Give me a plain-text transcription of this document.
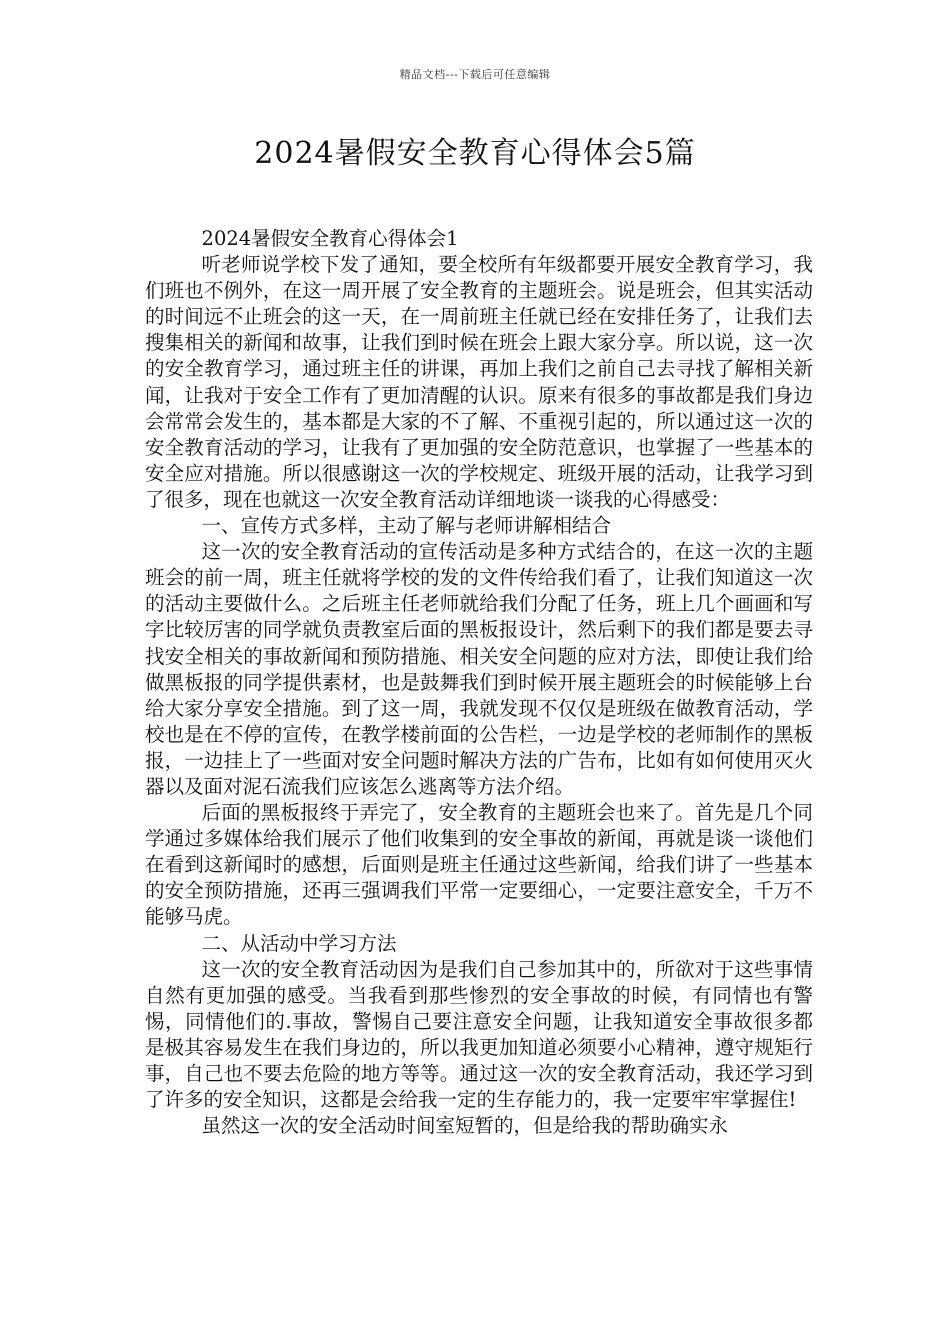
精品文档---下载后可任意编辑
2024暑假安全教育心得体会5篇

2024暑假安全教育心得体会1

听老师说学校下发了通知，要全校所有年级都要开展安全教育学习，我们班也不例外，在这一周开展了安全教育的主题班会。说是班会，但其实活动的时间远不止班会的这一天，在一周前班主任就已经在安排任务了，让我们去搜集相关的新闻和故事，让我们到时候在班会上跟大家分享。所以说，这一次的安全教育学习，通过班主任的讲课，再加上我们之前自己去寻找了解相关新闻，让我对于安全工作有了更加清醒的认识。原来有很多的事故都是我们身边会常常会发生的，基本都是大家的不了解、不重视引起的，所以通过这一次的安全教育活动的学习，让我有了更加强的安全防范意识，也掌握了一些基本的安全应对措施。所以很感谢这一次的学校规定、班级开展的活动，让我学习到了很多，现在也就这一次安全教育活动详细地谈一谈我的心得感受：

一、宣传方式多样，主动了解与老师讲解相结合

这一次的安全教育活动的宣传活动是多种方式结合的，在这一次的主题班会的前一周，班主任就将学校的发的文件传给我们看了，让我们知道这一次的活动主要做什么。之后班主任老师就给我们分配了任务，班上几个画画和写字比较厉害的同学就负责教室后面的黑板报设计，然后剩下的我们都是要去寻找安全相关的事故新闻和预防措施、相关安全问题的应对方法，即使让我们给做黑板报的同学提供素材，也是鼓舞我们到时候开展主题班会的时候能够上台给大家分享安全措施。到了这一周，我就发现不仅仅是班级在做教育活动，学校也是在不停的宣传，在教学楼前面的公告栏，一边是学校的老师制作的黑板报，一边挂上了一些面对安全问题时解决方法的广告布，比如有如何使用灭火器以及面对泥石流我们应该怎么逃离等方法介绍。

后面的黑板报终于弄完了，安全教育的主题班会也来了。首先是几个同学通过多媒体给我们展示了他们收集到的安全事故的新闻，再就是谈一谈他们在看到这新闻时的感想，后面则是班主任通过这些新闻，给我们讲了一些基本的安全预防措施，还再三强调我们平常一定要细心，一定要注意安全，千万不能够马虎。

二、从活动中学习方法

这一次的安全教育活动因为是我们自己参加其中的，所欲对于这些事情自然有更加强的感受。当我看到那些惨烈的安全事故的时候，有同情也有警惕，同情他们的.事故，警惕自己要注意安全问题，让我知道安全事故很多都是极其容易发生在我们身边的，所以我更加知道必须要小心精神，遵守规矩行事，自己也不要去危险的地方等等。通过这一次的安全教育活动，我还学习到了许多的安全知识，这都是会给我一定的生存能力的，我一定要牢牢掌握住!

虽然这一次的安全活动时间室短暂的，但是给我的帮助确实永
